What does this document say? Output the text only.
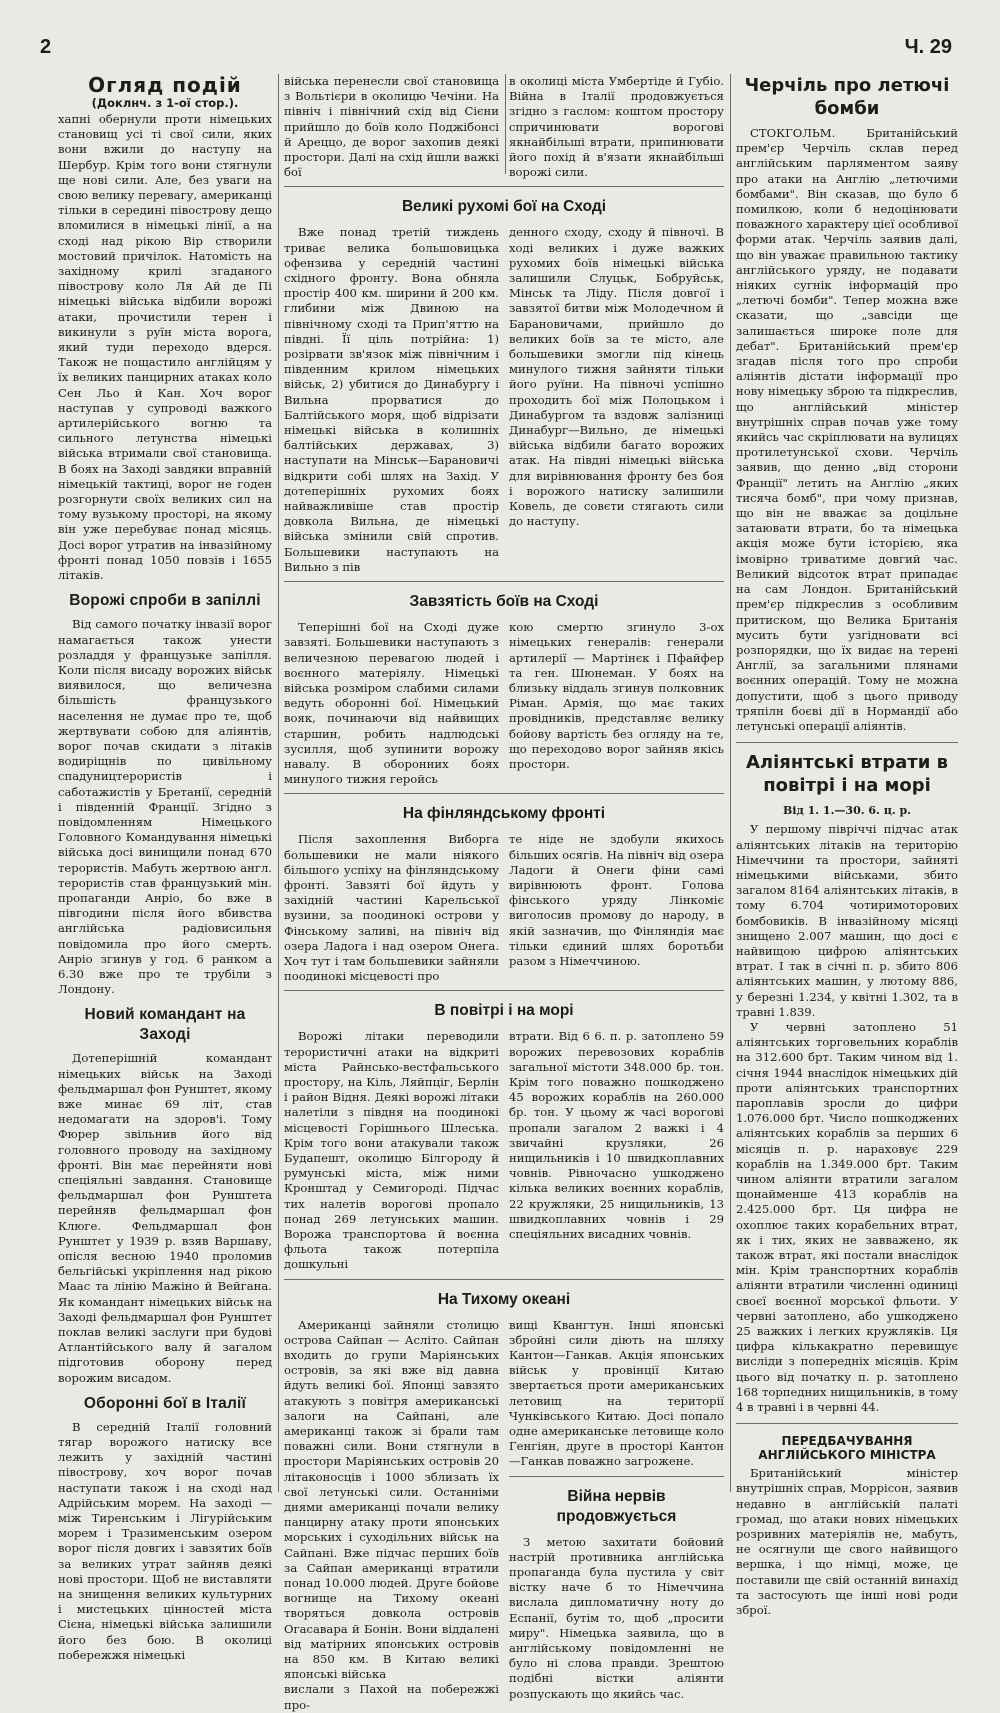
2	Ч. 29
Огляд подій
(Доклнч. з 1-ої стор.).

хапні обернули проти німецьких становищ усі ті свої сили, яких вони вжили до наступу на Шербур. Крім того вони стягнули ще нові сили. Але, без уваги на свою велику перевагу, американці тільки в середині півострову дещо вломилися в німецькі лінії, а на сході над рікою Вір створили мостовий причілок. Натомість на західному крилі згаданого півострову коло Ля Ай де Пі німецькі війська відбили ворожі атаки, прочистили терен і викинули з руїн міста ворога, який туди переходо вдерся. Також не пощастило англійцям у їх великих панцирних атаках коло Сен Льо й Кан. Хоч ворог наступав у супроводі важкого артилерійського вогню та сильного летунства німецькі війська втримали свої становища. В боях на Заході завдяки вправній німецькій тактиці, ворог не годен розгорнути своїх великих сил на тому вузькому просторі, на якому він уже перебуває понад місяць. Досі ворог утратив на інвазійному фронті понад 1050 повзів і 1655 літаків.

Ворожі спроби в запіллі

Від самого початку інвазії ворог намагається також унести розладдя у французьке запілля. Коли після висаду ворожих військ виявилося, що величезна більшість французького населення не думає про те, щоб жертвувати собою для аліянтів, ворог почав скидати з літаків водиріщнів по цивільному спадуництерористів і саботажистів у Бретанії, середній і південній Франції. Згідно з повідомленням Німецького Головного Командування німецькі війська досі винищили понад 670 терористів. Мабуть жертвою англ. терористів став французький мін. пропаганди Анріо, бо вже в півгодини після його вбивства англійська радіовисильня повідомила про його смерть. Анріо згинув у год. 6 ранком а 6.30 вже про те трубіли з Лондону.

Новий командант на Заході

Дотеперішній командант німецьких військ на Заході фельдмаршал фон Рунштет, якому вже минає 69 літ, став недомагати на здоров'і. Тому Фюрер звільнив його від головного проводу на західному фронті. Він має перейняти нові спеціяльні завдання. Становище фельдмаршал фон Рунштета перейняв фельдмаршал фон Клюге. Фельдмаршал фон Рунштет у 1939 р. взяв Варшаву, опісля весною 1940 проломив бельгійські укріплення над рікою Маас та лінію Мажіно й Вейгана. Як командант німецьких військ на Заході фельдмаршал фон Рунштет поклав великі заслуги при будові Атлантійського валу й загалом підготовив оборону перед ворожим висадом.

Оборонні бої в Італії

В середній Італії головний тягар ворожого натиску все лежить у західній частині півострову, хоч ворог почав наступати також і на сході над Адрійським морем. На заході — між Тиренським і Лігурійським морем і Тразименським озером ворог після довгих і завзятих боїв за великих утрат зайняв деякі нові простори. Щоб не виставляти на знищення великих культурних і мистецьких цінностей міста Сієна, німецькі війська залишили його без бою. В околиці побережжя німецькі

війська перенесли свої становища з Вольтієри в околицю Чечіни. На північ і північний схід від Сієни прийшло до боїв коло Поджібонсі й Ареццо, де ворог захопив деякі простори. Далі на схід йшли важкі бої

в околиці міста Умбертіде й Губіо. Війна в Італії продовжується згідно з гаслом: коштом простору спричинювати ворогові якнайбільші втрати, припинювати його похід й в'язати якнайбільші ворожі сили.

Великі рухомі бої на Сході

Вже понад третій тиждень триває велика большовицька офензива у середній частині східного фронту. Вона обняла простір 400 км. ширини й 200 км. глибини між Двиною на північному сході та Прип'яттю на півдні. Її ціль потрійна: 1) розірвати зв'язок між північним і південним крилом німецьких військ, 2) убитися до Динабургу і Вильна прорватися до Балтійського моря, щоб відрізати німецькі війська в колишніх балтійських державах, 3) наступати на Мінськ—Барановичі відкрити собі шлях на Захід. У дотеперішніх рухомих боях найважливіше став простір довкола Вильна, де німецькі війська змінили свій спротив. Большевики наступають на Вильно з пів

денного сходу, сходу й півночі. В ході великих і дуже важких рухомих боїв німецькі війська залишили Слуцьк, Бобруйськ, Мінськ та Ліду. Після довгої і завзятої битви між Молодечном й Барановичами, прийшло до великих боїв за те місто, але большевики змогли під кінець минулого тижня зайняти тільки його руїни. На півночі успішно проходить бої між Полоцьком і Динабургом та вздовж залізниці Динабург—Вильно, де німецькі війська відбили багато ворожих атак. На півдні німецькі війська для вирівнювання фронту без боя і ворожого натиску залишили Ковель, де совєти стягають сили до наступу.

Завзятість боїв на Сході

Теперішні бої на Сході дуже завзяті. Большевики наступають з величезною перевагою людей і воєнного матеріялу. Німецькі війська розміром слабими силами ведуть оборонні бої. Німецький вояк, починаючи від найвищих старшин, робить надлюдські зусилля, щоб зупинити ворожу навалу. В оборонних боях минулого тижня геройсь

кою смертю згинуло 3-ох німецьких генералів: генерали артилерії — Мартінєк і Пфайфер та ген. Шюнеман. У боях на близьку віддаль згинув полковник Ріман. Армія, що має таких провідників, представляє велику бойову вартість без огляду на те, що переходово ворог зайняв якісь простори.

На фінляндському фронті

Після захоплення Виборга большевики не мали ніякого більшого успіху на фінляндському фронті. Завзяті бої йдуть у західній частині Карельської вузини, за поодинокі острови у Фінському заливі, на північ від озера Ладога і над озером Онега. Хоч тут і там большевики зайняли поодинокі місцевості про

те ніде не здобули якихось більших осягів. На північ від озера Ладоги й Онеги фіни самі вирівнюють фронт. Голова фінського уряду Лінкоміє виголосив промову до народу, в якій зазначив, що Фінляндія має тільки єдиний шлях боротьби разом з Німеччиною.

В повітрі і на морі

Ворожі літаки переводили терористичні атаки на відкриті міста Райнсько-вестфальського простору, на Кіль, Ляйпціг, Берлін і район Відня. Деякі ворожі літаки налетіли з півдня на поодинокі місцевості Горішнього Шлеська. Крім того вони атакували також Будапешт, околицю Білгороду й румунські міста, між ними Кронштад у Семигороді. Підчас тих налетів ворогові пропало понад 269 летунських машин. Ворожа транспортова й воєнна фльота також потерпіла дошкульні

втрати. Від 6 6. п. р. затоплено 59 ворожих перевозових кораблів загальної містоти 348.000 бр. тон. Крім того поважно пошкоджено 45 ворожих кораблів на 260.000 бр. тон. У цьому ж часі ворогові пропали загалом 2 важкі і 4 звичайні крузляки, 26 нищильників і 10 швидкоплавних човнів. Рівночасно ушкоджено кілька великих воєнних кораблів, 22 кружляки, 25 нищильників, 13 швидкоплавних човнів і 29 спеціяльних висадних човнів.

На Тихому океані

Американці зайняли столицю острова Сайпан — Аслітo. Сайпан входить до групи Маріянських островів, за які вже від давна йдуть великі бої. Японці завзято атакують з повітря американські залоги на Сайпані, але американці також зі брали там поважні сили. Вони стягнули в простори Маріянських островів 20 літаконосців і 1000 зблизать їх свої летунські сили. Останніми днями американці почали велику панцирну атаку проти японських морських і суходільних військ на Сайпані. Вже підчас перших боїв за Сайпан американці втратили понад 10.000 людей. Друге бойове вогнище на Тихому океані творяться довкола островів Огасавара й Бонін. Вони віддалені від матірних японських островів на 850 км. В Китаю великі японські війська

вислали з Пахой на побережжі про-

вищі Квангтун. Інші японські збройні сили діють на шляху Кантон—Ганкав. Акція японських військ у провінції Китаю звертається проти американських летовищ на території Чунківського Китаю. Досі попало одне американське летовище коло Генгіян, друге в просторі Кантон—Ганкав поважно загрожене.

Війна нервів продовжується

З метою захитати бойовий настрій противника англійська пропаганда була пустила у світ вістку наче б то Німеччина вислала дипломатичну ноту до Еспанії, бутім то, щоб „просити миру". Німецька заявила, що в англійському повідомленні не було ні слова правди. Зрештою подібні вістки аліянти розпускають що якийсь час.

Черчіль про летючі бомби

СТОКГОЛЬМ. Британійський прем'єр Черчіль склав перед англійським парляментом заяву про атаки на Англію „летючими бомбами". Він сказав, що було б помилкою, коли б недоцінювати поважного характеру цієї особливої форми атак. Черчіль заявив далі, що він уважає правильною тактику англійського уряду, не подавати ніяких сугнік інформацій про „летючі бомби". Тепер можна вже сказати, що „завсіди ще залишається широке поле для дебат". Британійський прем'єр згадав після того про спроби аліянтів дістати інформації про нову німецьку зброю та підкреслив, що англійський міністер внутрішніх справ почав уже тому якийсь час скріплювати на вулицях протилетунської схови. Черчіль заявив, що денно „від сторони Франції" летить на Англію „яких тисяча бомб", при чому признав, що він не вважає за доцільне затаювати втрати, бо та німецька акція може бути історією, яка імовірно триватиме довгий час. Великий відсоток втрат припадає на сам Лондон. Британійський прем'єр підкреслив з особливим притиском, що Велика Британія мусить бути узгідновати всі розпорядки, що їх видає на терені Англії, за загальними плянами воєнних операцій. Тому не можна допустити, щоб з цього приводу тряпілн бoєві дії в Нормандії або летунські операції аліянтів.

Аліянтські втрати в повітрі і на морі
Від 1. 1.—30. 6. ц. р.

У першому півріччі підчас атак аліянтських літаків на територію Німеччини та простори, зайняті німецькими військами, збито загалом 8164 аліянтських літаків, в тому 6.704 чотиримоторових бомбовиків. В інвазійному місяці знищено 2.007 машин, що досі є найвищою цифрою аліянтських втрат. І так в січні п. р. збито 806 аліянтських машин, у лютому 886, у березні 1.234, у квітні 1.302, та в травні 1.839.

У червні затоплено 51 аліянтських торговельних кораблів на 312.600 брт. Таким чином від 1. січня 1944 внаслідок німецьких дій проти аліянтських транспортних пароплавів зросли до цифри 1.076.000 брт. Число пошкоджених аліянтських кораблів за перших 6 місяців п. р. нараховує 229 кораблів на 1.349.000 брт. Таким чином аліянти втратили загалом щонайменше 413 кораблів на 2.425.000 брт. Ця цифра не охоплює таких корабельних втрат, як і тих, яких не завважено, як також втрат, які постали внаслідок мін. Крім транспортних кораблів аліянти втратили численні одиниці своєї воєнної морської фльоти. У червні затоплено, або ушкоджено 25 важких і легких кружляків. Ця цифра кількакратно перевищує висліди з попередніх місяців. Крім цього від початку п. р. затоплено 168 торпедних нищильників, в тому 4 в травні і в червні 44.

ПЕРЕДБАЧУВАННЯ АНГЛІЙСЬКОГО МІНІСТРА

Британійський міністер внутрішніх справ, Моррісон, заявив недавно в англійській палаті громад, що атаки нових німецьких розривних матеріялів не, мабуть, не осягнули ще свого найвищого вершка, і що німці, може, це поставили ще свій останній винахід та застосують ще інші нові роди зброї.
